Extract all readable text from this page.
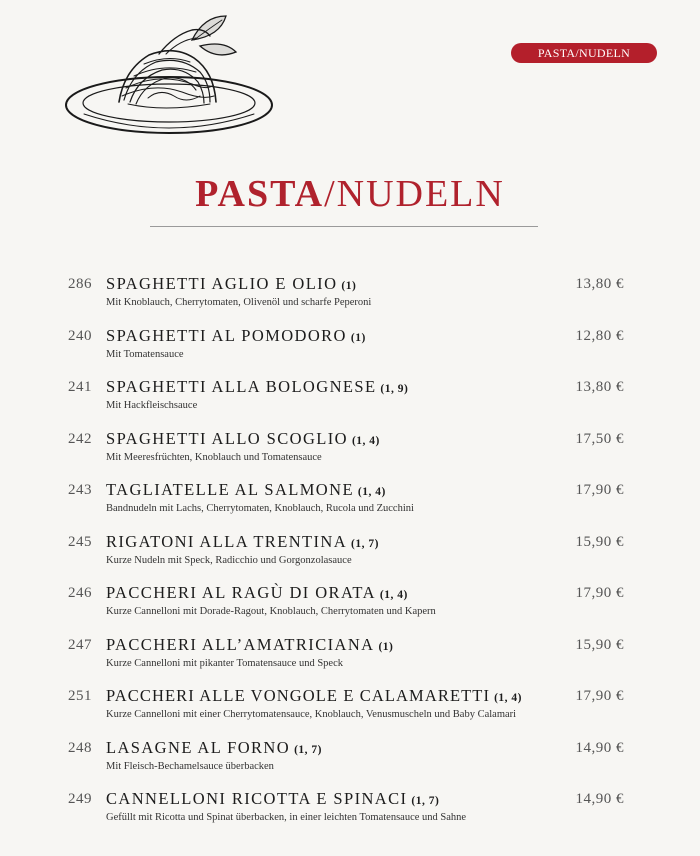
PASTA/NUDELN
PASTA/NUDELN
286 SPAGHETTI AGLIO E OLIO (1)
Mit Knoblauch, Cherrytomaten, Olivenöl und scharfe Peperoni
13,80 €
240 SPAGHETTI AL POMODORO (1)
Mit Tomatensauce
12,80 €
241 SPAGHETTI ALLA BOLOGNESE (1, 9)
Mit Hackfleischsauce
13,80 €
242 SPAGHETTI ALLO SCOGLIO (1, 4)
Mit Meeresfrüchten, Knoblauch und Tomatensauce
17,50 €
243 TAGLIATELLE AL SALMONE (1, 4)
Bandnudeln mit Lachs, Cherrytomaten, Knoblauch, Rucola und Zucchini
17,90 €
245 RIGATONI ALLA TRENTINA (1, 7)
Kurze Nudeln mit Speck, Radicchio und Gorgonzolasauce
15,90 €
246 PACCHERI AL RAGÙ DI ORATA (1, 4)
Kurze Cannelloni mit Dorade-Ragout, Knoblauch, Cherrytomaten und Kapern
17,90 €
247 PACCHERI ALL’AMATRICIANA (1)
Kurze Cannelloni mit pikanter Tomatensauce und Speck
15,90 €
251 PACCHERI ALLE VONGOLE E CALAMARETTI (1, 4)
Kurze Cannelloni mit einer Cherrytomatensauce, Knoblauch, Venusmuscheln und Baby Calamari
17,90 €
248 LASAGNE AL FORNO (1, 7)
Mit Fleisch-Bechamelsauce überbacken
14,90 €
249 CANNELLONI RICOTTA E SPINACI (1, 7)
Gefüllt mit Ricotta und Spinat überbacken, in einer leichten Tomatensauce und Sahne
14,90 €
